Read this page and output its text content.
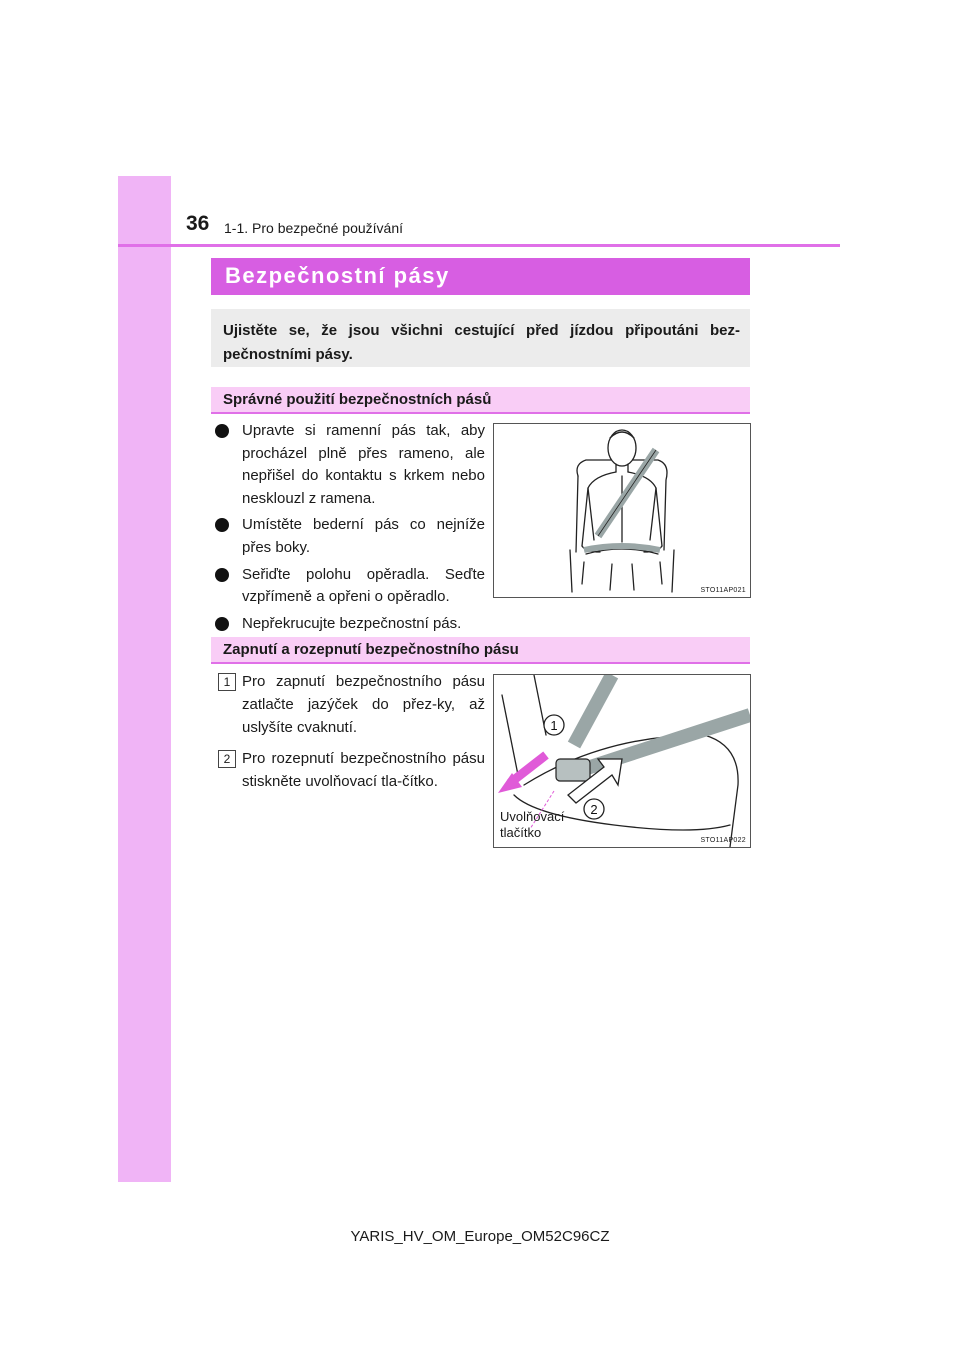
36 1-1. Pro bezpečné používání
Bezpečnostní pásy

Ujistěte se, že jsou všichni cestující před jízdou připoutáni bez-pečnostními pásy.

Správné použití bezpečnostních pásů
Upravte si ramenní pás tak, aby procházel plně přes rameno, ale nepřišel do kontaktu s krkem nebo nesklouzl z ramena.
Umístěte bederní pás co nejníže přes boky.
Seřiďte polohu opěradla. Seďte vzpřímeně a opřeni o opěradlo.
Nepřekrucujte bezpečnostní pás.
STO11AP021
Zapnutí a rozepnutí bezpečnostního pásu
1 Pro zapnutí bezpečnostního pásu zatlačte jazýček do přez-ky, až uslyšíte cvaknutí.
2 Pro rozepnutí bezpečnostního pásu stiskněte uvolňovací tla-čítko.
1
2
Uvolňovací
tlačítko
STO11AP022
YARIS_HV_OM_Europe_OM52C96CZ
